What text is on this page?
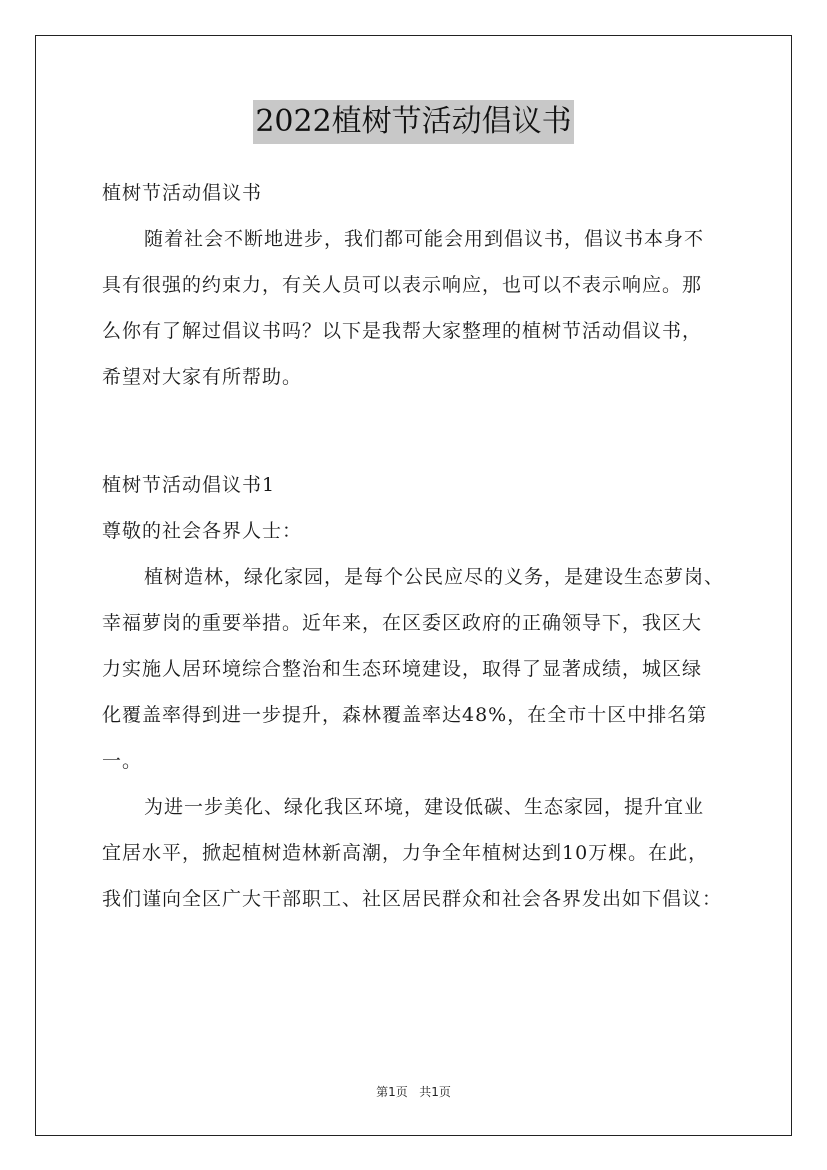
2022植树节活动倡议书
植树节活动倡议书
随着社会不断地进步，我们都可能会用到倡议书，倡议书本身不
具有很强的约束力，有关人员可以表示响应，也可以不表示响应。那
么你有了解过倡议书吗？以下是我帮大家整理的植树节活动倡议书，
希望对大家有所帮助。
植树节活动倡议书1
尊敬的社会各界人士：
植树造林，绿化家园，是每个公民应尽的义务，是建设生态萝岗、
幸福萝岗的重要举措。近年来，在区委区政府的正确领导下，我区大
力实施人居环境综合整治和生态环境建设，取得了显著成绩，城区绿
化覆盖率得到进一步提升，森林覆盖率达48%，在全市十区中排名第
一。
为进一步美化、绿化我区环境，建设低碳、生态家园，提升宜业
宜居水平，掀起植树造林新高潮，力争全年植树达到10万棵。在此，
我们谨向全区广大干部职工、社区居民群众和社会各界发出如下倡议：
第1页 共1页
